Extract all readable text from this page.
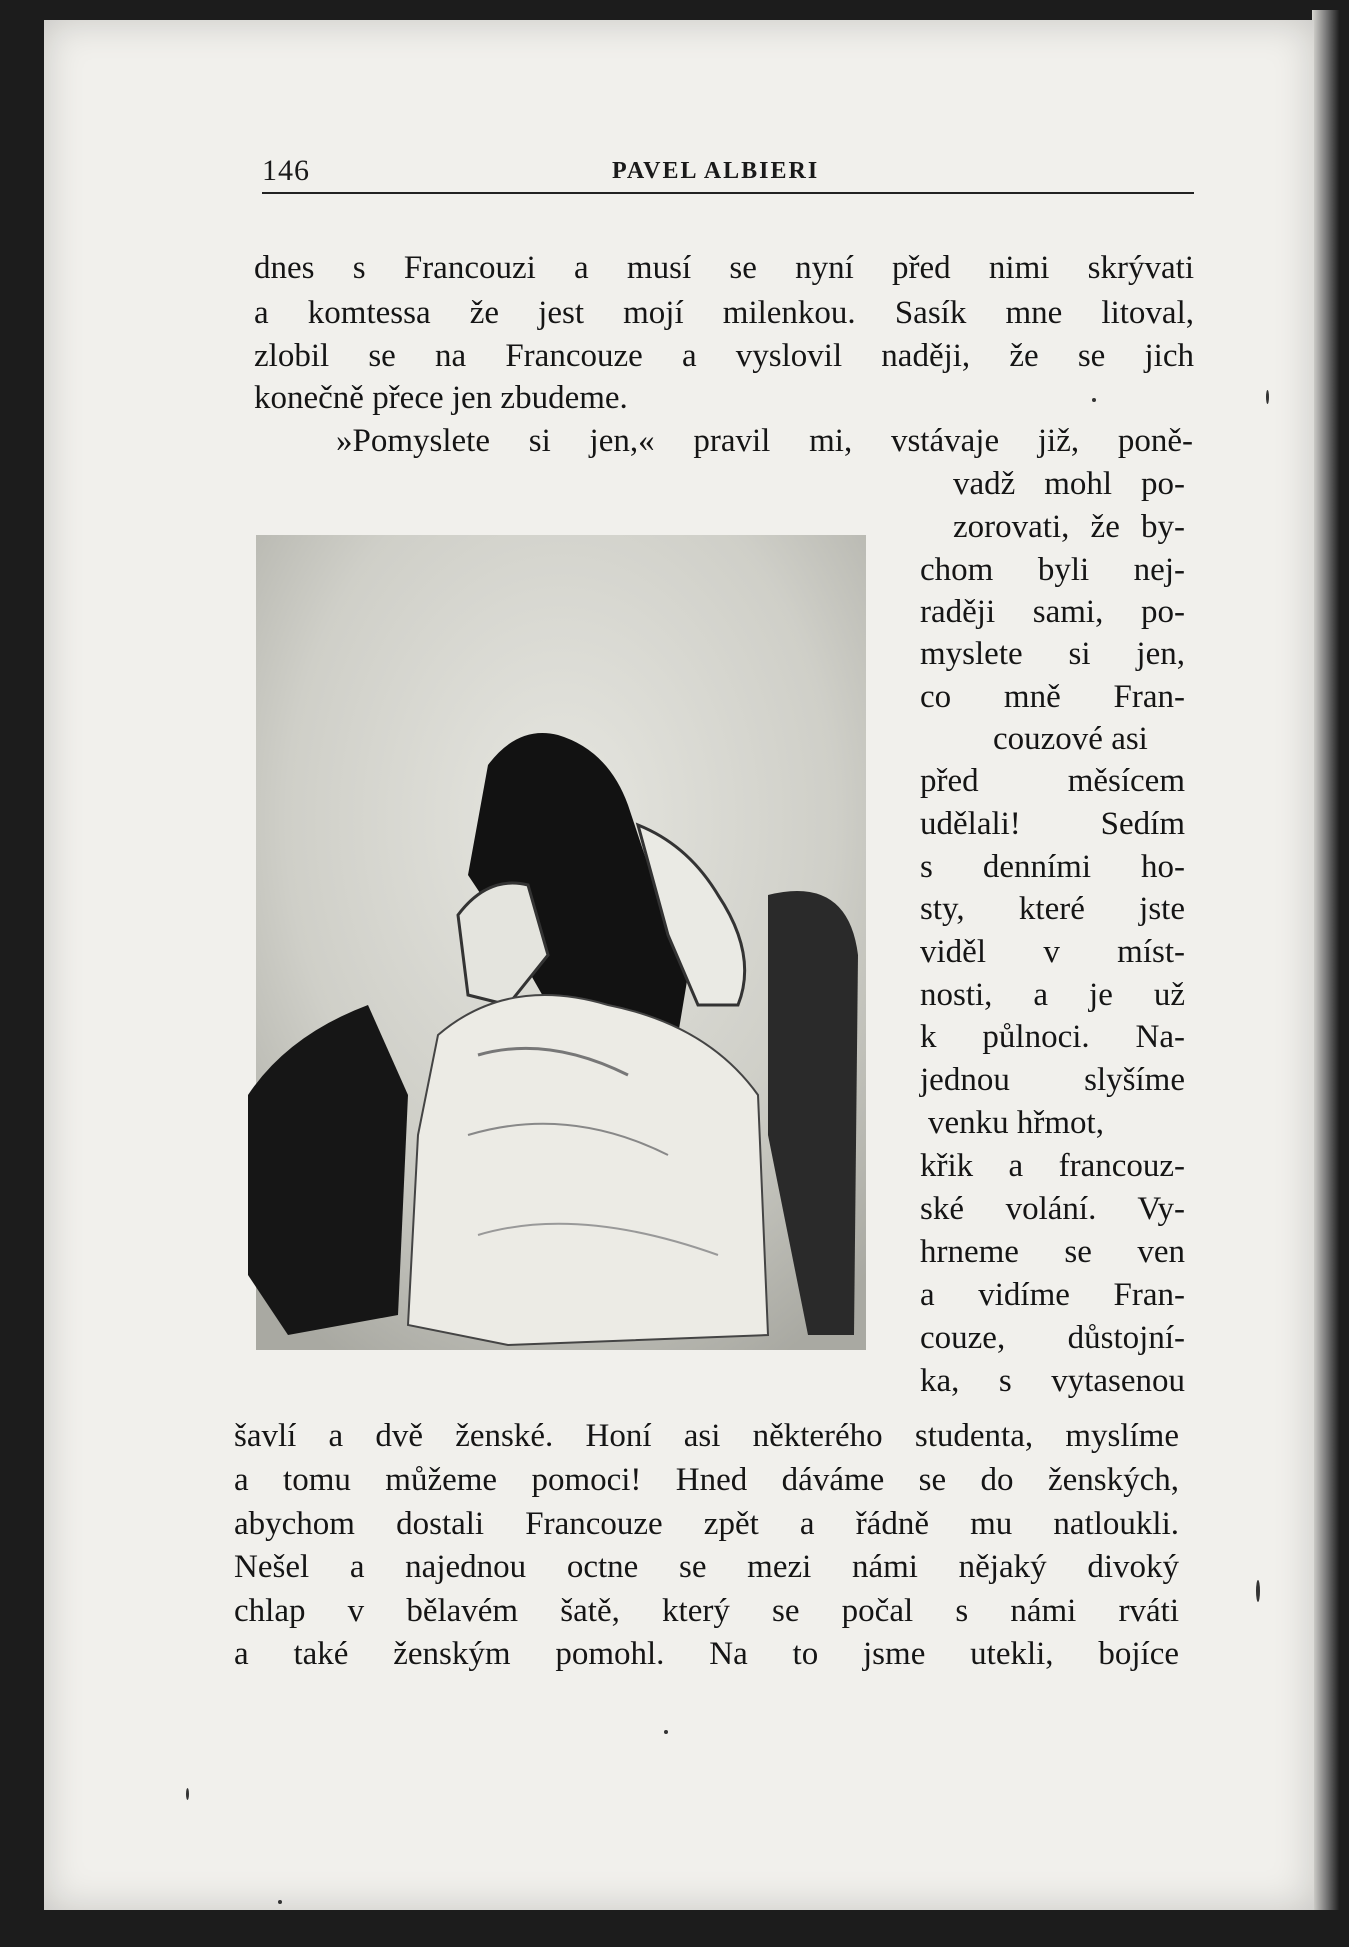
146	PAVEL ALBIERI

dnes s Francouzi a musí se nyní před nimi skrývati

a komtessa že jest mojí milenkou. Sasík mne litoval,

zlobil se na Francouze a vyslovil naději, že se jich

konečně přece jen zbudeme.

»Pomyslete si jen,« pravil mi, vstávaje již, poně-

vadž mohl po-

zorovati, že by-

chom byli nej-

raději sami, po-

myslete si jen,

co mně Fran-

couzové asi

před měsícem

udělali! Sedím

s denními ho-

sty, které jste

viděl v míst-

nosti, a je už

k půlnoci. Na-

jednou slyšíme

venku hřmot,

křik a francouz-

ské volání. Vy-

hrneme se ven

a vidíme Fran-

couze, důstojní-

ka, s vytasenou

šavlí a dvě ženské. Honí asi některého studenta, myslíme

a tomu můžeme pomoci! Hned dáváme se do ženských,

abychom dostali Francouze zpět a řádně mu natloukli.

Nešel a najednou octne se mezi námi nějaký divoký

chlap v bělavém šatě, který se počal s námi rváti

a také ženským pomohl. Na to jsme utekli, bojíce
